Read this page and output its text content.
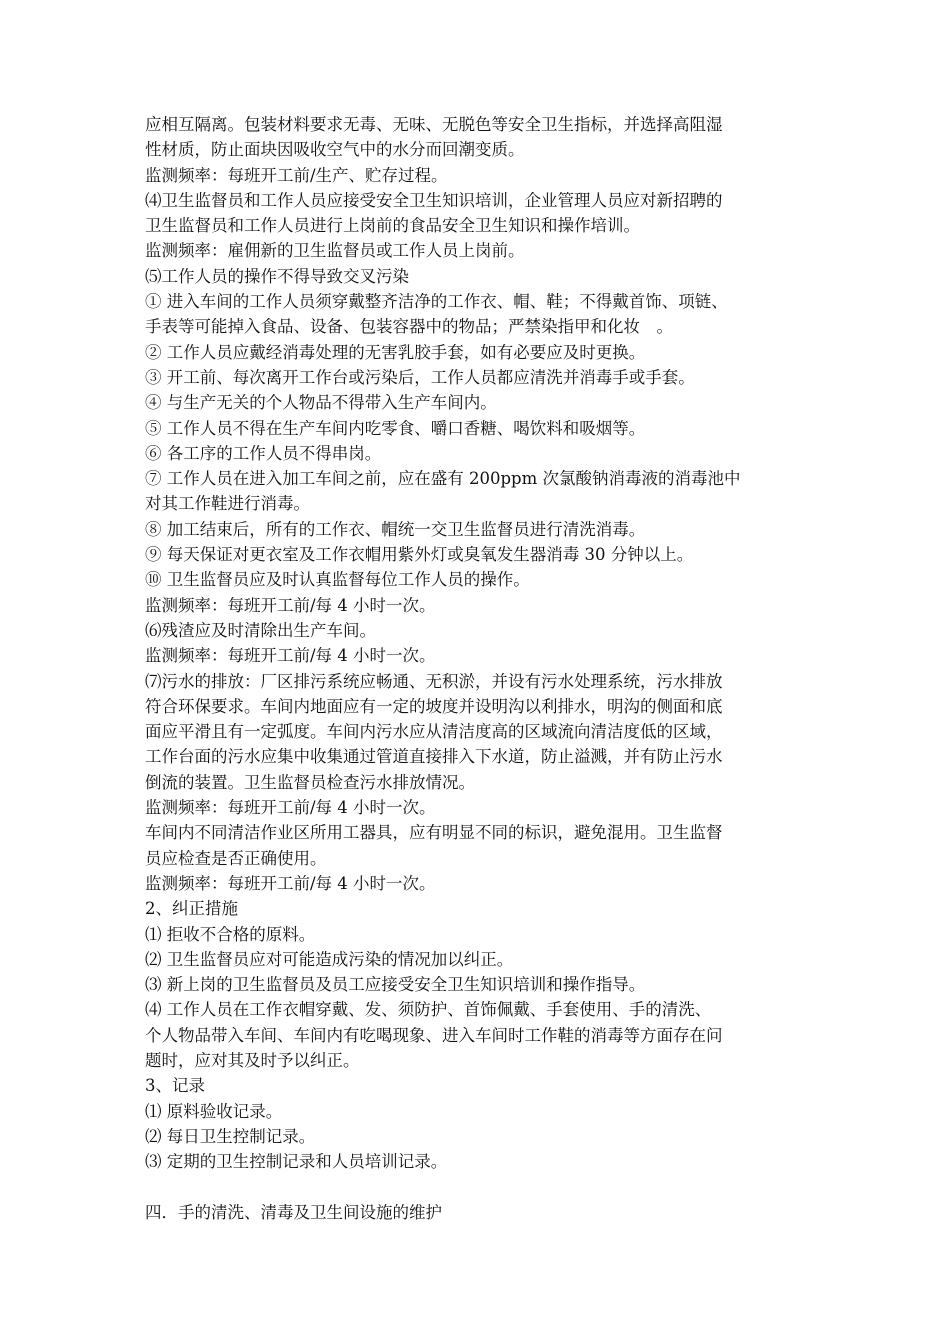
应相互隔离。包装材料要求无毒、无味、无脱色等安全卫生指标，并选择高阻湿
性材质，防止面块因吸收空气中的水分而回潮变质。
监测频率：每班开工前/生产、贮存过程。
⑷卫生监督员和工作人员应接受安全卫生知识培训，企业管理人员应对新招聘的
卫生监督员和工作人员进行上岗前的食品安全卫生知识和操作培训。
监测频率：雇佣新的卫生监督员或工作人员上岗前。
⑸工作人员的操作不得导致交叉污染
① 进入车间的工作人员须穿戴整齐洁净的工作衣、帽、鞋；不得戴首饰、项链、
手表等可能掉入食品、设备、包装容器中的物品；严禁染指甲和化妆　。
② 工作人员应戴经消毒处理的无害乳胶手套，如有必要应及时更换。
③ 开工前、每次离开工作台或污染后，工作人员都应清洗并消毒手或手套。
④ 与生产无关的个人物品不得带入生产车间内。
⑤ 工作人员不得在生产车间内吃零食、嚼口香糖、喝饮料和吸烟等。
⑥ 各工序的工作人员不得串岗。
⑦ 工作人员在进入加工车间之前，应在盛有 200ppm 次氯酸钠消毒液的消毒池中
对其工作鞋进行消毒。
⑧ 加工结束后，所有的工作衣、帽统一交卫生监督员进行清洗消毒。
⑨ 每天保证对更衣室及工作衣帽用紫外灯或臭氧发生器消毒 30 分钟以上。
⑩ 卫生监督员应及时认真监督每位工作人员的操作。
监测频率：每班开工前/每 4 小时一次。
⑹残渣应及时清除出生产车间。
监测频率：每班开工前/每 4 小时一次。
⑺污水的排放：厂区排污系统应畅通、无积淤，并设有污水处理系统，污水排放
符合环保要求。车间内地面应有一定的坡度并设明沟以利排水，明沟的侧面和底
面应平滑且有一定弧度。车间内污水应从清洁度高的区域流向清洁度低的区域，
工作台面的污水应集中收集通过管道直接排入下水道，防止溢溅，并有防止污水
倒流的装置。卫生监督员检查污水排放情况。
监测频率：每班开工前/每 4 小时一次。
车间内不同清洁作业区所用工器具，应有明显不同的标识，避免混用。卫生监督
员应检查是否正确使用。
监测频率：每班开工前/每 4 小时一次。
2、纠正措施
⑴ 拒收不合格的原料。
⑵ 卫生监督员应对可能造成污染的情况加以纠正。
⑶ 新上岗的卫生监督员及员工应接受安全卫生知识培训和操作指导。
⑷ 工作人员在工作衣帽穿戴、发、须防护、首饰佩戴、手套使用、手的清洗、
个人物品带入车间、车间内有吃喝现象、进入车间时工作鞋的消毒等方面存在问
题时，应对其及时予以纠正。
3、记录
⑴ 原料验收记录。
⑵ 每日卫生控制记录。
⑶ 定期的卫生控制记录和人员培训记录。
四．手的清洗、清毒及卫生间设施的维护
